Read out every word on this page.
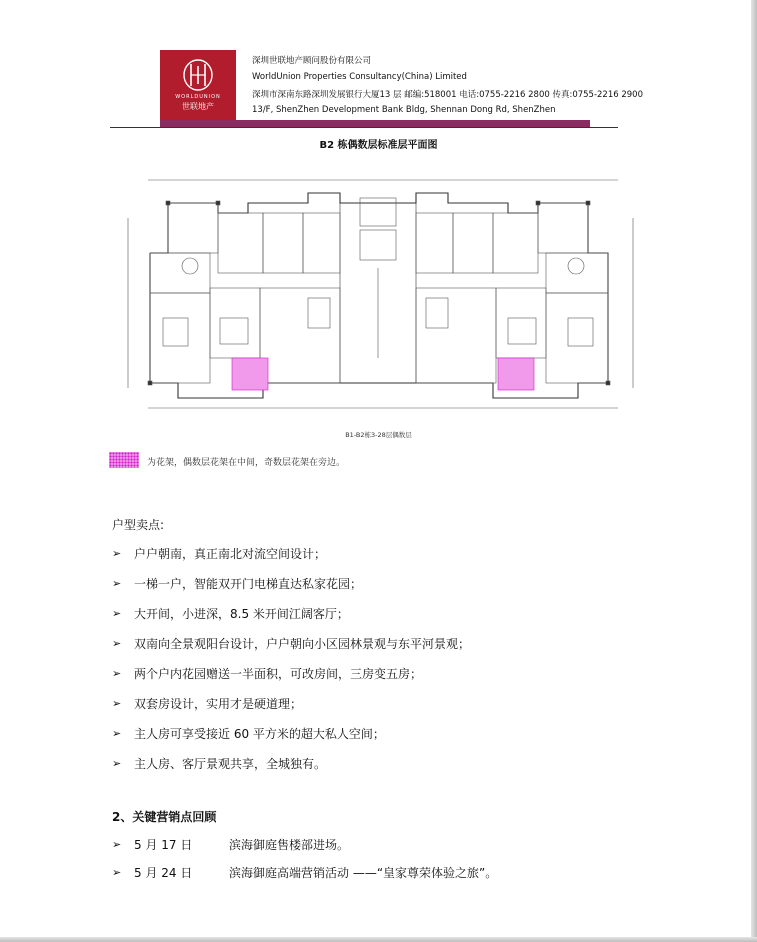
WORLDUNION
世联地产
深圳世联地产顾问股份有限公司
WorldUnion Properties Consultancy(China) Limited
深圳市深南东路深圳发展银行大厦13 层 邮编:518001 电话:0755-2216 2800 传真:0755-2216 2900
13/F, ShenZhen Development Bank Bldg, Shennan Dong Rd, ShenZhen
B2 栋偶数层标准层平面图
B1-B2栋3-28层偶数层
为花架，偶数层花架在中间，奇数层花架在旁边。
户型卖点:
➢	户户朝南，真正南北对流空间设计；
➢	一梯一户，智能双开门电梯直达私家花园；
➢	大开间，小进深，8.5 米开间江阔客厅；
➢	双南向全景观阳台设计，户户朝向小区园林景观与东平河景观；
➢	两个户内花园赠送一半面积，可改房间，三房变五房；
➢	双套房设计，实用才是硬道理；
➢	主人房可享受接近 60 平方米的超大私人空间；
➢	主人房、客厅景观共享，全城独有。
2、关键营销点回顾
➢	5 月 17 日	滨海御庭售楼部进场。
➢	5 月 24 日	滨海御庭高端营销活动 ——“皇家尊荣体验之旅”。
